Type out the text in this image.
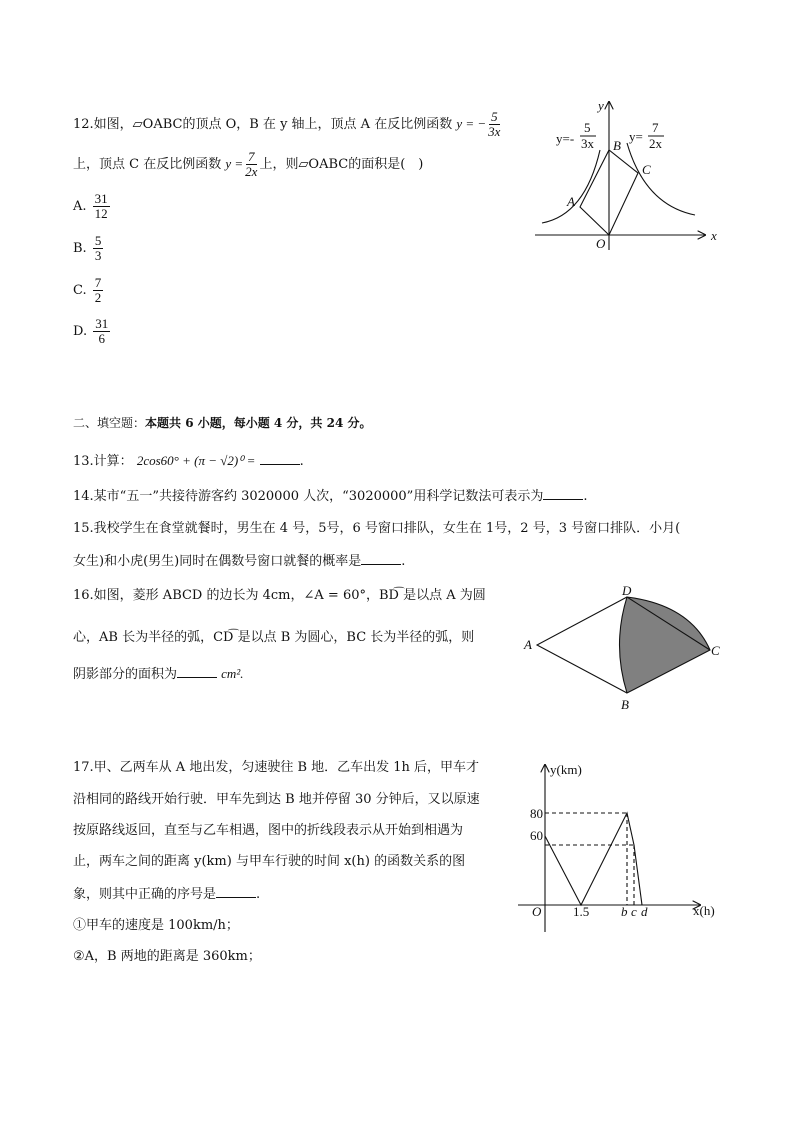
12.如图，▱OABC的顶点 O，B 在 y 轴上，顶点 A 在反比例函数 y = − $\frac{5}{3x}$
上，顶点 C 在反比例函数 $y = \frac{7}{2x}$ 上，则▱OABC的面积是(　)
A. $\frac{31}{12}$
B. $\frac{5}{3}$
C. $\frac{7}{2}$
D. $\frac{31}{6}$
二、填空题：本题共 6 小题，每小题 4 分，共 24 分。
13.计算： 2cos60° + (π − √2)⁰ =	.
14.某市“五一”共接待游客约 3020000 人次，“3020000”用科学记数法可表示为	.
15.我校学生在食堂就餐时，男生在 4 号，5号，6 号窗口排队，女生在 1号，2 号，3 号窗口排队．小月(
女生)和小虎(男生)同时在偶数号窗口就餐的概率是	.
16.如图，菱形 ABCD 的边长为 4cm，∠A = 60°，BD͡ 是以点 A 为圆
心，AB 长为半径的弧，CD͡ 是以点 B 为圆心，BC 长为半径的弧，则
阴影部分的面积为	cm².
17.甲、乙两车从 A 地出发，匀速驶往 B 地．乙车出发 1h 后，甲车才
沿相同的路线开始行驶．甲车先到达 B 地并停留 30 分钟后，又以原速
按原路线返回，直至与乙车相遇，图中的折线段表示从开始到相遇为
止，两车之间的距离 y(km) 与甲车行驶的时间 x(h) 的函数关系的图
象，则其中正确的序号是	.
①甲车的速度是 100km/h；
②A，B 两地的距离是 360km；
y
x
y=-
5
3x	y=
7
2x
B
C
A
O
D
A	C
B
y(km)
x(h)
O
80
60
1.5 b c d
